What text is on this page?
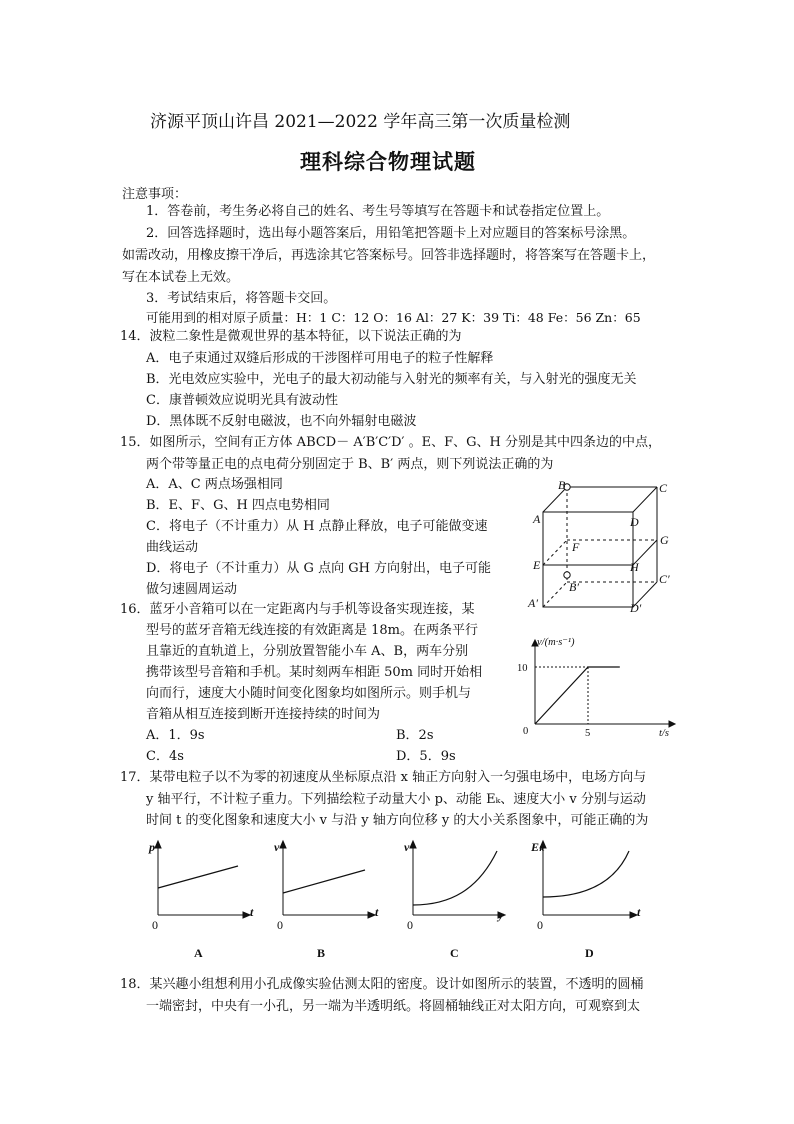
济源平顶山许昌 2021—2022 学年高三第一次质量检测
理科综合物理试题
注意事项：
1．答卷前，考生务必将自己的姓名、考生号等填写在答题卡和试卷指定位置上。
2．回答选择题时，选出每小题答案后，用铅笔把答题卡上对应题目的答案标号涂黑。
如需改动，用橡皮擦干净后，再选涂其它答案标号。回答非选择题时，将答案写在答题卡上，
写在本试卷上无效。
3．考试结束后，将答题卡交回。
可能用到的相对原子质量：H：1 C：12 O：16 Al：27 K：39 Ti：48 Fe：56 Zn：65
14．波粒二象性是微观世界的基本特征，以下说法正确的为
A．电子束通过双缝后形成的干涉图样可用电子的粒子性解释
B．光电效应实验中，光电子的最大初动能与入射光的频率有关，与入射光的强度无关
C．康普顿效应说明光具有波动性
D．黑体既不反射电磁波，也不向外辐射电磁波
15．如图所示，空间有正方体 ABCD－ A′B′C′D′ 。E、F、G、H 分别是其中四条边的中点，
两个带等量正电的点电荷分别固定于 B、B′ 两点，则下列说法正确的为
A．A、C 两点场强相同
B．E、F、G、H 四点电势相同
C．将电子（不计重力）从 H 点静止释放，电子可能做变速
曲线运动
D．将电子（不计重力）从 G 点向 GH 方向射出，电子可能
做匀速圆周运动
B	C
A	D
F	G
E	H
C′
B′
A′	D′
16．蓝牙小音箱可以在一定距离内与手机等设备实现连接，某
型号的蓝牙音箱无线连接的有效距离是 18m。在两条平行
且靠近的直轨道上，分别放置智能小车 A、B，两车分别
携带该型号音箱和手机。某时刻两车相距 50m 同时开始相
向而行，速度大小随时间变化图象均如图所示。则手机与
音箱从相互连接到断开连接持续的时间为
A．1．9s	B．2s
C．4s	D．5．9s
v/(m·s⁻¹)
t/s
10
5
0
17．某带电粒子以不为零的初速度从坐标原点沿 x 轴正方向射入一匀强电场中，电场方向与
y 轴平行，不计粒子重力。下列描绘粒子动量大小 p、动能 Eₖ、速度大小 v 分别与运动
时间 t 的变化图象和速度大小 v 与沿 y 轴方向位移 y 的大小关系图象中，可能正确的为
p
t
0
A
v
t
0
B
v
y
0
C
Eₖ
t
0
D
18．某兴趣小组想利用小孔成像实验估测太阳的密度。设计如图所示的装置，不透明的圆桶
一端密封，中央有一小孔，另一端为半透明纸。将圆桶轴线正对太阳方向，可观察到太
